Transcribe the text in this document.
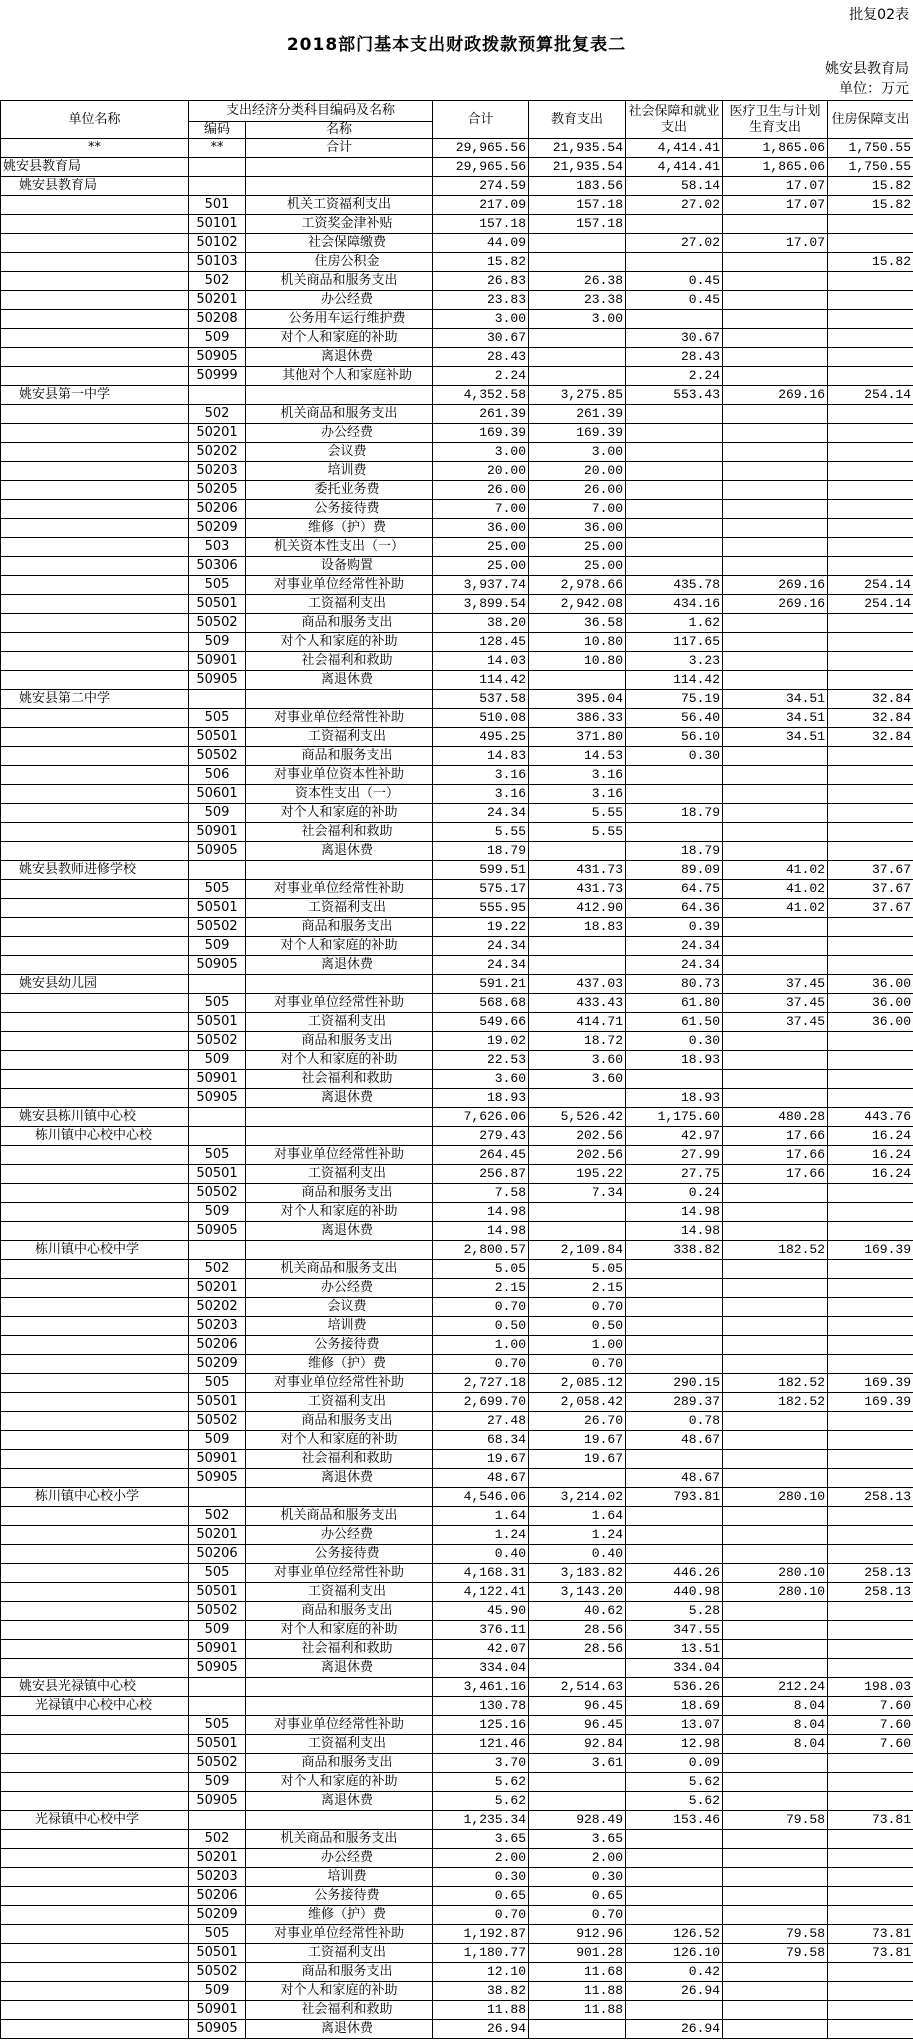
批复02表
2018部门基本支出财政拨款预算批复表二
姚安县教育局
单位：万元
单位名称	支出经济分类科目编码及名称		合计	教育支出	社会保障和就业支出	医疗卫生与计划生育支出	住房保障支出
	编码	名称					
**	**	合计	29,965.56	21,935.54	4,414.41	1,865.06	1,750.55
姚安县教育局			29,965.56	21,935.54	4,414.41	1,865.06	1,750.55
姚安县教育局			274.59	183.56	58.14	17.07	15.82
	501	机关工资福利支出	217.09	157.18	27.02	17.07	15.82
	50101	工资奖金津补贴	157.18	157.18			
	50102	社会保障缴费	44.09		27.02	17.07	
	50103	住房公积金	15.82				15.82
	502	机关商品和服务支出	26.83	26.38	0.45		
	50201	办公经费	23.83	23.38	0.45		
	50208	公务用车运行维护费	3.00	3.00			
	509	对个人和家庭的补助	30.67		30.67		
	50905	离退休费	28.43		28.43		
	50999	其他对个人和家庭补助	2.24		2.24		
姚安县第一中学			4,352.58	3,275.85	553.43	269.16	254.14
	502	机关商品和服务支出	261.39	261.39			
	50201	办公经费	169.39	169.39			
	50202	会议费	3.00	3.00			
	50203	培训费	20.00	20.00			
	50205	委托业务费	26.00	26.00			
	50206	公务接待费	7.00	7.00			
	50209	维修（护）费	36.00	36.00			
	503	机关资本性支出（一）	25.00	25.00			
	50306	设备购置	25.00	25.00			
	505	对事业单位经常性补助	3,937.74	2,978.66	435.78	269.16	254.14
	50501	工资福利支出	3,899.54	2,942.08	434.16	269.16	254.14
	50502	商品和服务支出	38.20	36.58	1.62		
	509	对个人和家庭的补助	128.45	10.80	117.65		
	50901	社会福利和救助	14.03	10.80	3.23		
	50905	离退休费	114.42		114.42		
姚安县第二中学			537.58	395.04	75.19	34.51	32.84
	505	对事业单位经常性补助	510.08	386.33	56.40	34.51	32.84
	50501	工资福利支出	495.25	371.80	56.10	34.51	32.84
	50502	商品和服务支出	14.83	14.53	0.30		
	506	对事业单位资本性补助	3.16	3.16			
	50601	资本性支出（一）	3.16	3.16			
	509	对个人和家庭的补助	24.34	5.55	18.79		
	50901	社会福利和救助	5.55	5.55			
	50905	离退休费	18.79		18.79		
姚安县教师进修学校			599.51	431.73	89.09	41.02	37.67
	505	对事业单位经常性补助	575.17	431.73	64.75	41.02	37.67
	50501	工资福利支出	555.95	412.90	64.36	41.02	37.67
	50502	商品和服务支出	19.22	18.83	0.39		
	509	对个人和家庭的补助	24.34		24.34		
	50905	离退休费	24.34		24.34		
姚安县幼儿园			591.21	437.03	80.73	37.45	36.00
	505	对事业单位经常性补助	568.68	433.43	61.80	37.45	36.00
	50501	工资福利支出	549.66	414.71	61.50	37.45	36.00
	50502	商品和服务支出	19.02	18.72	0.30		
	509	对个人和家庭的补助	22.53	3.60	18.93		
	50901	社会福利和救助	3.60	3.60			
	50905	离退休费	18.93		18.93		
姚安县栋川镇中心校			7,626.06	5,526.42	1,175.60	480.28	443.76
栋川镇中心校中心校			279.43	202.56	42.97	17.66	16.24
	505	对事业单位经常性补助	264.45	202.56	27.99	17.66	16.24
	50501	工资福利支出	256.87	195.22	27.75	17.66	16.24
	50502	商品和服务支出	7.58	7.34	0.24		
	509	对个人和家庭的补助	14.98		14.98		
	50905	离退休费	14.98		14.98		
栋川镇中心校中学			2,800.57	2,109.84	338.82	182.52	169.39
	502	机关商品和服务支出	5.05	5.05			
	50201	办公经费	2.15	2.15			
	50202	会议费	0.70	0.70			
	50203	培训费	0.50	0.50			
	50206	公务接待费	1.00	1.00			
	50209	维修（护）费	0.70	0.70			
	505	对事业单位经常性补助	2,727.18	2,085.12	290.15	182.52	169.39
	50501	工资福利支出	2,699.70	2,058.42	289.37	182.52	169.39
	50502	商品和服务支出	27.48	26.70	0.78		
	509	对个人和家庭的补助	68.34	19.67	48.67		
	50901	社会福利和救助	19.67	19.67			
	50905	离退休费	48.67		48.67		
栋川镇中心校小学			4,546.06	3,214.02	793.81	280.10	258.13
	502	机关商品和服务支出	1.64	1.64			
	50201	办公经费	1.24	1.24			
	50206	公务接待费	0.40	0.40			
	505	对事业单位经常性补助	4,168.31	3,183.82	446.26	280.10	258.13
	50501	工资福利支出	4,122.41	3,143.20	440.98	280.10	258.13
	50502	商品和服务支出	45.90	40.62	5.28		
	509	对个人和家庭的补助	376.11	28.56	347.55		
	50901	社会福利和救助	42.07	28.56	13.51		
	50905	离退休费	334.04		334.04		
姚安县光禄镇中心校			3,461.16	2,514.63	536.26	212.24	198.03
光禄镇中心校中心校			130.78	96.45	18.69	8.04	7.60
	505	对事业单位经常性补助	125.16	96.45	13.07	8.04	7.60
	50501	工资福利支出	121.46	92.84	12.98	8.04	7.60
	50502	商品和服务支出	3.70	3.61	0.09		
	509	对个人和家庭的补助	5.62		5.62		
	50905	离退休费	5.62		5.62		
光禄镇中心校中学			1,235.34	928.49	153.46	79.58	73.81
	502	机关商品和服务支出	3.65	3.65			
	50201	办公经费	2.00	2.00			
	50203	培训费	0.30	0.30			
	50206	公务接待费	0.65	0.65			
	50209	维修（护）费	0.70	0.70			
	505	对事业单位经常性补助	1,192.87	912.96	126.52	79.58	73.81
	50501	工资福利支出	1,180.77	901.28	126.10	79.58	73.81
	50502	商品和服务支出	12.10	11.68	0.42		
	509	对个人和家庭的补助	38.82	11.88	26.94		
	50901	社会福利和救助	11.88	11.88			
	50905	离退休费	26.94		26.94		
